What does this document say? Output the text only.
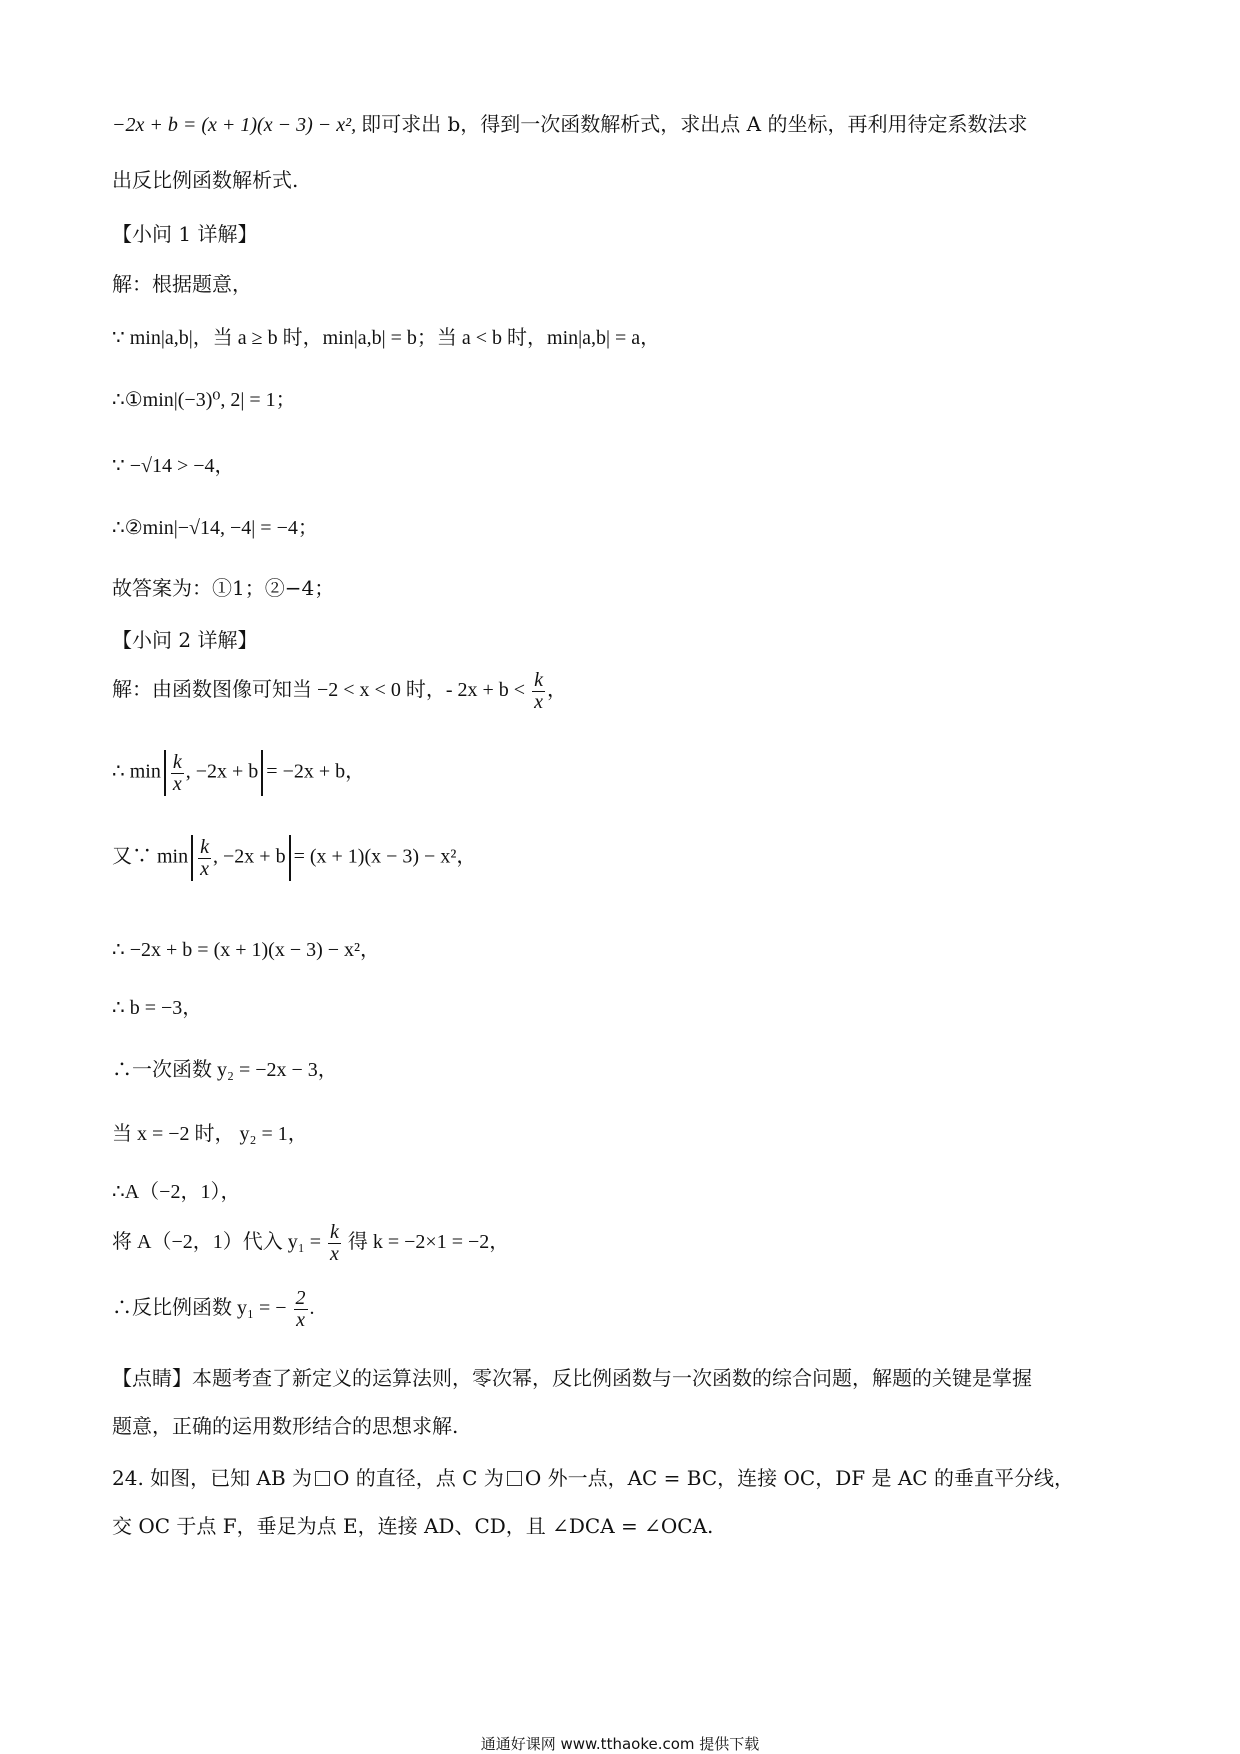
−2x + b = (x + 1)(x − 3) − x², 即可求出 b，得到一次函数解析式，求出点 A 的坐标，再利用待定系数法求
出反比例函数解析式.
【小问 1 详解】
解：根据题意，
∵ min|a,b|，当 a ≥ b 时，min|a,b| = b；当 a < b 时，min|a,b| = a，
∴①min|(−3)⁰, 2| = 1；
∵ −√14 > −4，
∴②min|−√14, −4| = −4；
故答案为：①1；②−4；
【小问 2 详解】
解：由函数图像可知当 −2 < x < 0 时，- $2x + b < \frac{k}{x}$ ，
∴ $\min \frac{k}{x}$ , −2x + b = −2x + b，
又∵ $\min \frac{k}{x}$ , −2x + b = (x + 1)(x − 3) − x²，
∴ −2x + b = (x + 1)(x − 3) − x²，
∴ b = −3，
∴一次函数 y₂ = −2x − 3，
当 x = −2 时， y₂ = 1，
∴A（−2，1），
将 A（−2，1）代入 $y_1 = \frac{k}{x}$ 得 k = −2×1 = −2，
∴反比例函数 y₁ = − $\frac{2}{x}$ .
【点睛】本题考查了新定义的运算法则，零次幂，反比例函数与一次函数的综合问题，解题的关键是掌握
题意，正确的运用数形结合的思想求解.
24. 如图，已知 AB 为 O 的直径，点 C 为 O 外一点，AC = BC，连接 OC，DF 是 AC 的垂直平分线，
交 OC 于点 F，垂足为点 E，连接 AD、CD，且 ∠DCA = ∠OCA.
通通好课网 www.tthaoke.com 提供下载
